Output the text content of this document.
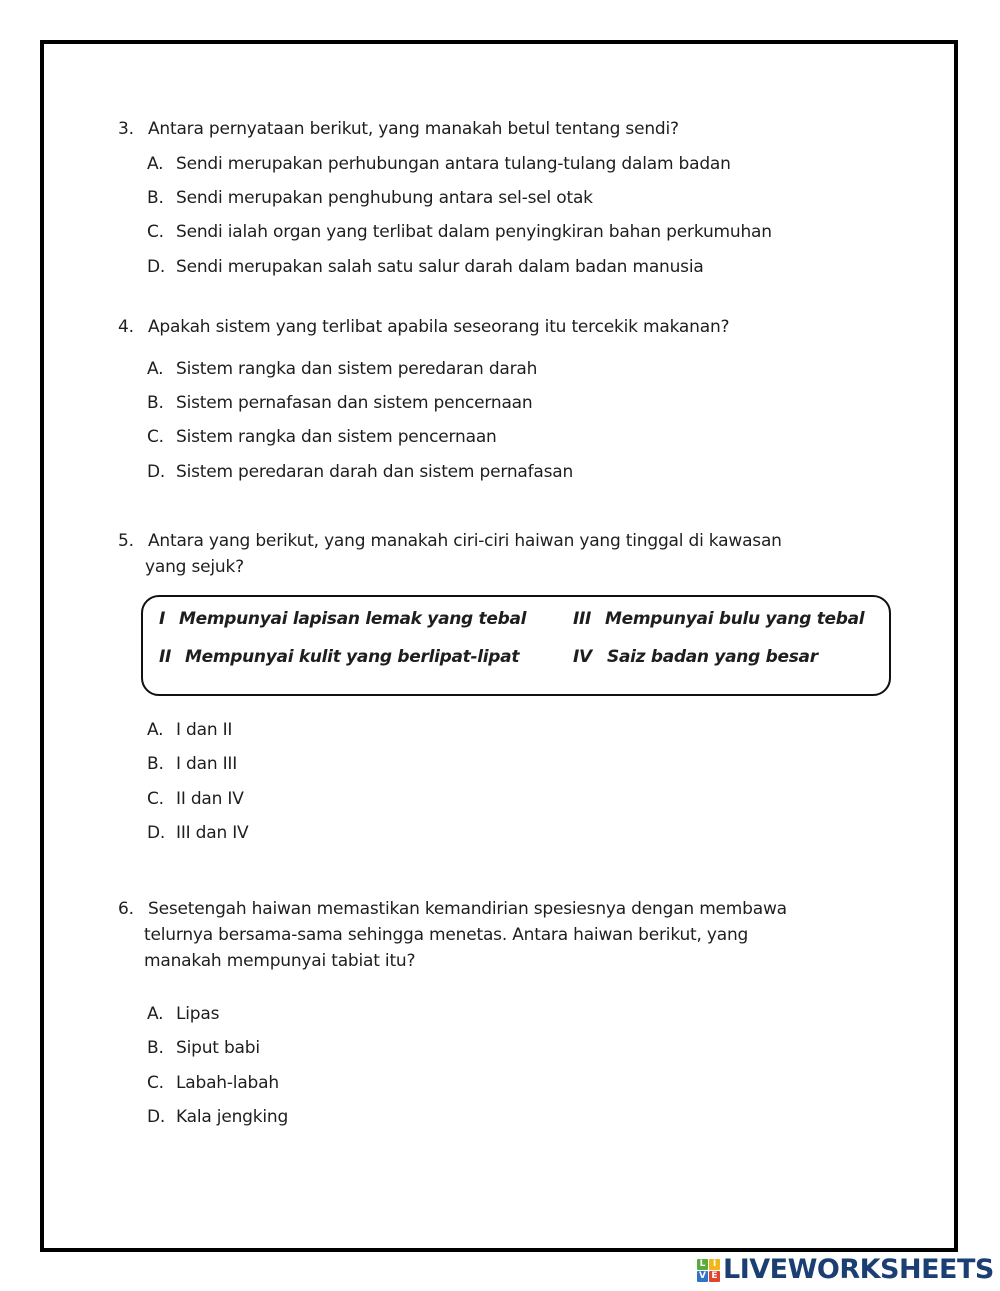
3. Antara pernyataan berikut, yang manakah betul tentang sendi?
A. Sendi merupakan perhubungan antara tulang-tulang dalam badan
B. Sendi merupakan penghubung antara sel-sel otak
C. Sendi ialah organ yang terlibat dalam penyingkiran bahan perkumuhan
D. Sendi merupakan salah satu salur darah dalam badan manusia
4. Apakah sistem yang terlibat apabila seseorang itu tercekik makanan?
A. Sistem rangka dan sistem peredaran darah
B. Sistem pernafasan dan sistem pencernaan
C. Sistem rangka dan sistem pencernaan
D. Sistem peredaran darah dan sistem pernafasan
5. Antara yang berikut, yang manakah ciri-ciri haiwan yang tinggal di kawasan
yang sejuk?
I Mempunyai lapisan lemak yang tebal
II Mempunyai kulit yang berlipat-lipat
III Mempunyai bulu yang tebal
IV Saiz badan yang besar
A. I dan II
B. I dan III
C. II dan IV
D. III dan IV
6. Sesetengah haiwan memastikan kemandirian spesiesnya dengan membawa
telurnya bersama-sama sehingga menetas. Antara haiwan berikut, yang
manakah mempunyai tabiat itu?
A. Lipas
B. Siput babi
C. Labah-labah
D. Kala jengking
L I
V E LIVEWORKSHEETS
